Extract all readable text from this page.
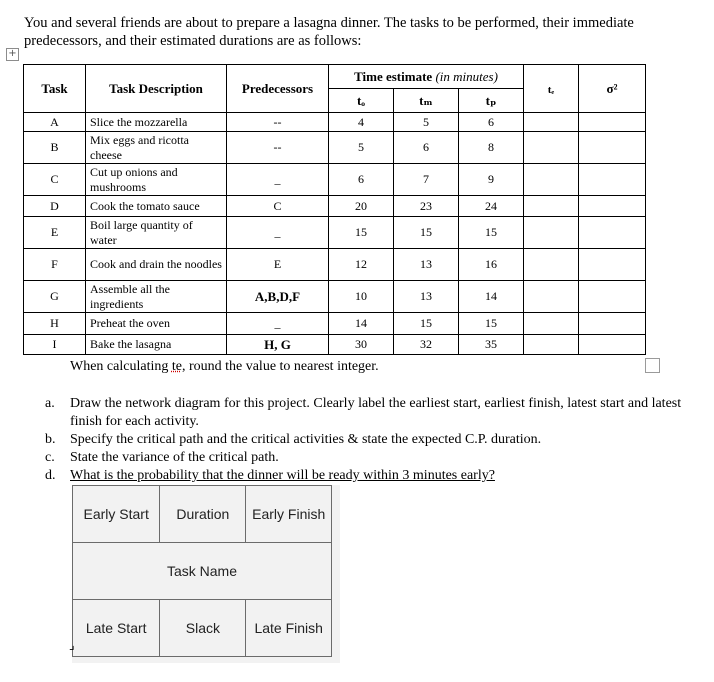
You and several friends are about to prepare a lasagna dinner. The tasks to be performed, their immediate predecessors, and their estimated durations are as follows:
+
Task	Task Description	Predecessors	Time estimate (in minutes)			tₑ	σ²
			tₒ	tₘ	tₚ		
A	Slice the mozzarella	--	4	5	6		
B	Mix eggs and ricotta cheese	--	5	6	8		
C	Cut up onions and mushrooms	_	6	7	9		
D	Cook the tomato sauce	C	20	23	24		
E	Boil large quantity of water	_	15	15	15		
F	Cook and drain the noodles	E	12	13	16		
G	Assemble all the ingredients	A,B,D,F	10	13	14		
H	Preheat the oven	_	14	15	15		
I	Bake the lasagna	H, G	30	32	35		
When calculating te, round the value to nearest integer.
a. Draw the network diagram for this project. Clearly label the earliest start, earliest finish, latest start and latest finish for each activity.
b. Specify the critical path and the critical activities & state the expected C.P. duration.
c. State the variance of the critical path.
d. What is the probability that the dinner will be ready within 3 minutes early?
Early Start	Duration	Early Finish
Task Name		
Late Start	Slack	Late Finish
⌟
